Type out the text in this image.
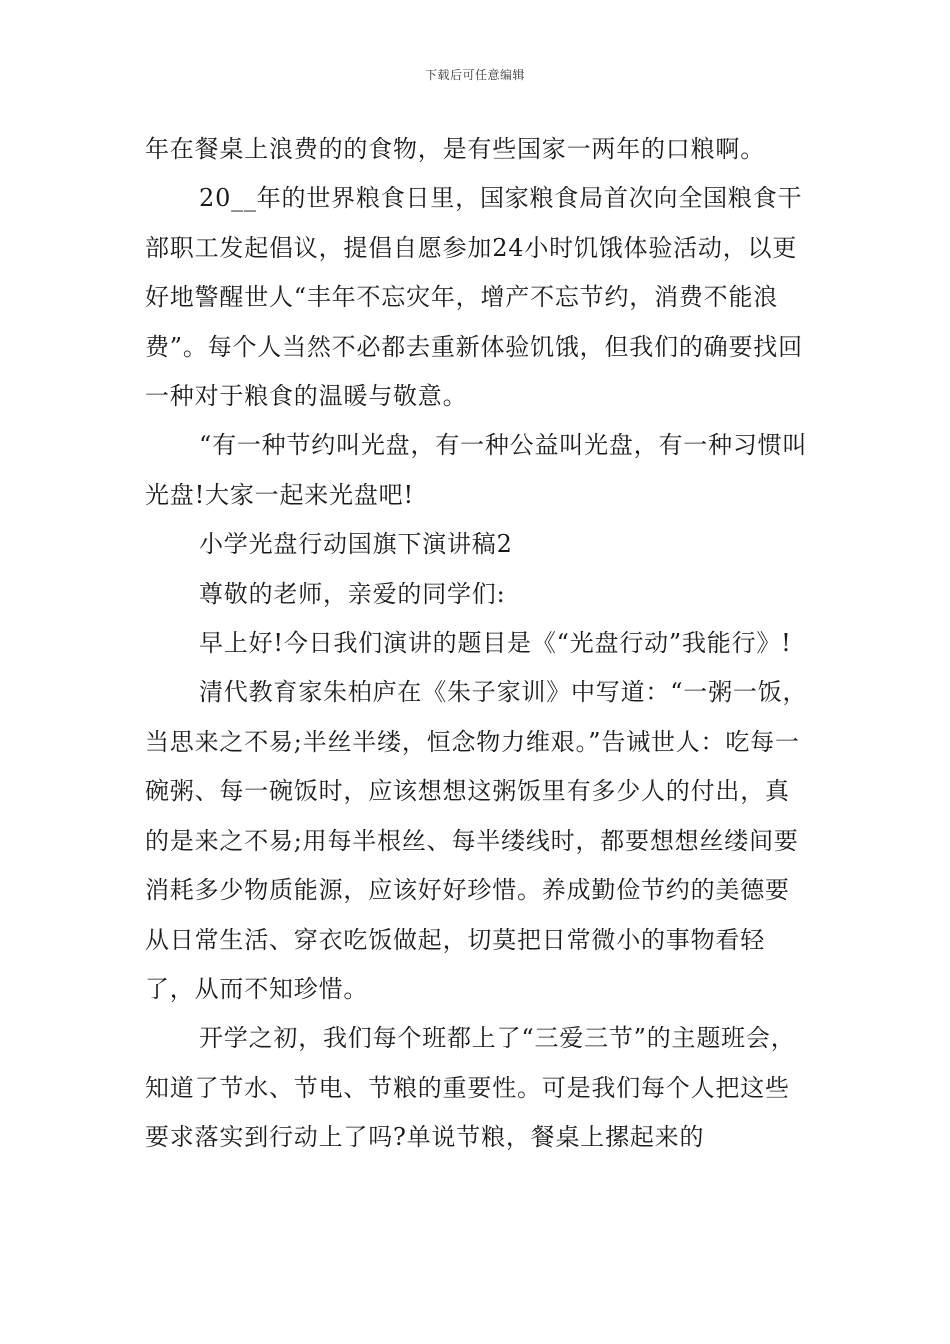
下载后可任意编辑

年在餐桌上浪费的的食物，是有些国家一两年的口粮啊。

20__年的世界粮食日里，国家粮食局首次向全国粮食干部职工发起倡议，提倡自愿参加24小时饥饿体验活动，以更好地警醒世人“丰年不忘灾年，增产不忘节约，消费不能浪费”。每个人当然不必都去重新体验饥饿，但我们的确要找回一种对于粮食的温暖与敬意。

“有一种节约叫光盘，有一种公益叫光盘，有一种习惯叫光盘!大家一起来光盘吧!

小学光盘行动国旗下演讲稿2

尊敬的老师，亲爱的同学们:

早上好!今日我们演讲的题目是《“光盘行动”我能行》!

清代教育家朱柏庐在《朱子家训》中写道：“一粥一饭，当思来之不易;半丝半缕，恒念物力维艰。”告诫世人：吃每一碗粥、每一碗饭时，应该想想这粥饭里有多少人的付出，真的是来之不易;用每半根丝、每半缕线时，都要想想丝缕间要消耗多少物质能源，应该好好珍惜。养成勤俭节约的美德要从日常生活、穿衣吃饭做起，切莫把日常微小的事物看轻了，从而不知珍惜。

开学之初，我们每个班都上了“三爱三节”的主题班会，知道了节水、节电、节粮的重要性。可是我们每个人把这些要求落实到行动上了吗?单说节粮，餐桌上摞起来的
